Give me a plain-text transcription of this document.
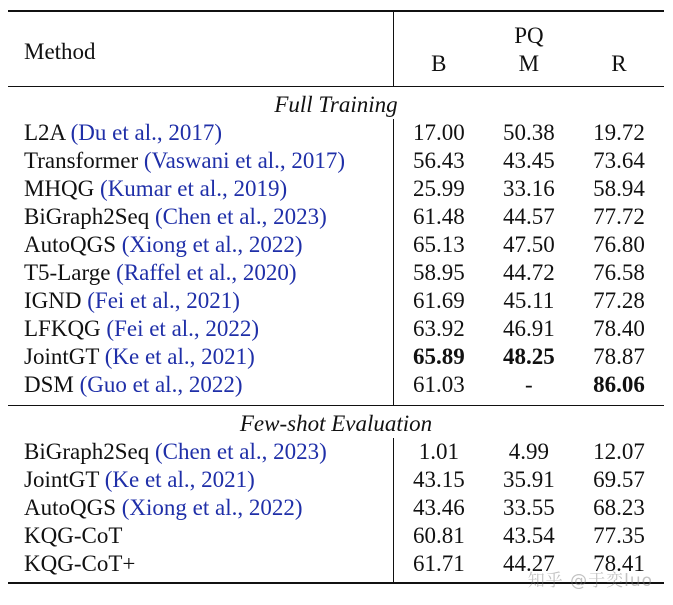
Method	PQ		
	B	M	R
Full Training			
L2A (Du et al., 2017)	17.00	50.38	19.72
Transformer (Vaswani et al., 2017)	56.43	43.45	73.64
MHQG (Kumar et al., 2019)	25.99	33.16	58.94
BiGraph2Seq (Chen et al., 2023)	61.48	44.57	77.72
AutoQGS (Xiong et al., 2022)	65.13	47.50	76.80
T5-Large (Raffel et al., 2020)	58.95	44.72	76.58
IGND (Fei et al., 2021)	61.69	45.11	77.28
LFKQG (Fei et al., 2022)	63.92	46.91	78.40
JointGT (Ke et al., 2021)	65.89	48.25	78.87
DSM (Guo et al., 2022)	61.03	-	86.06
Few-shot Evaluation			
BiGraph2Seq (Chen et al., 2023)	1.01	4.99	12.07
JointGT (Ke et al., 2021)	43.15	35.91	69.57
AutoQGS (Xiong et al., 2022)	43.46	33.55	68.23
KQG-CoT	60.81	43.54	77.35
KQG-CoT+	61.71	44.27	78.41
知乎 @于奕luo
